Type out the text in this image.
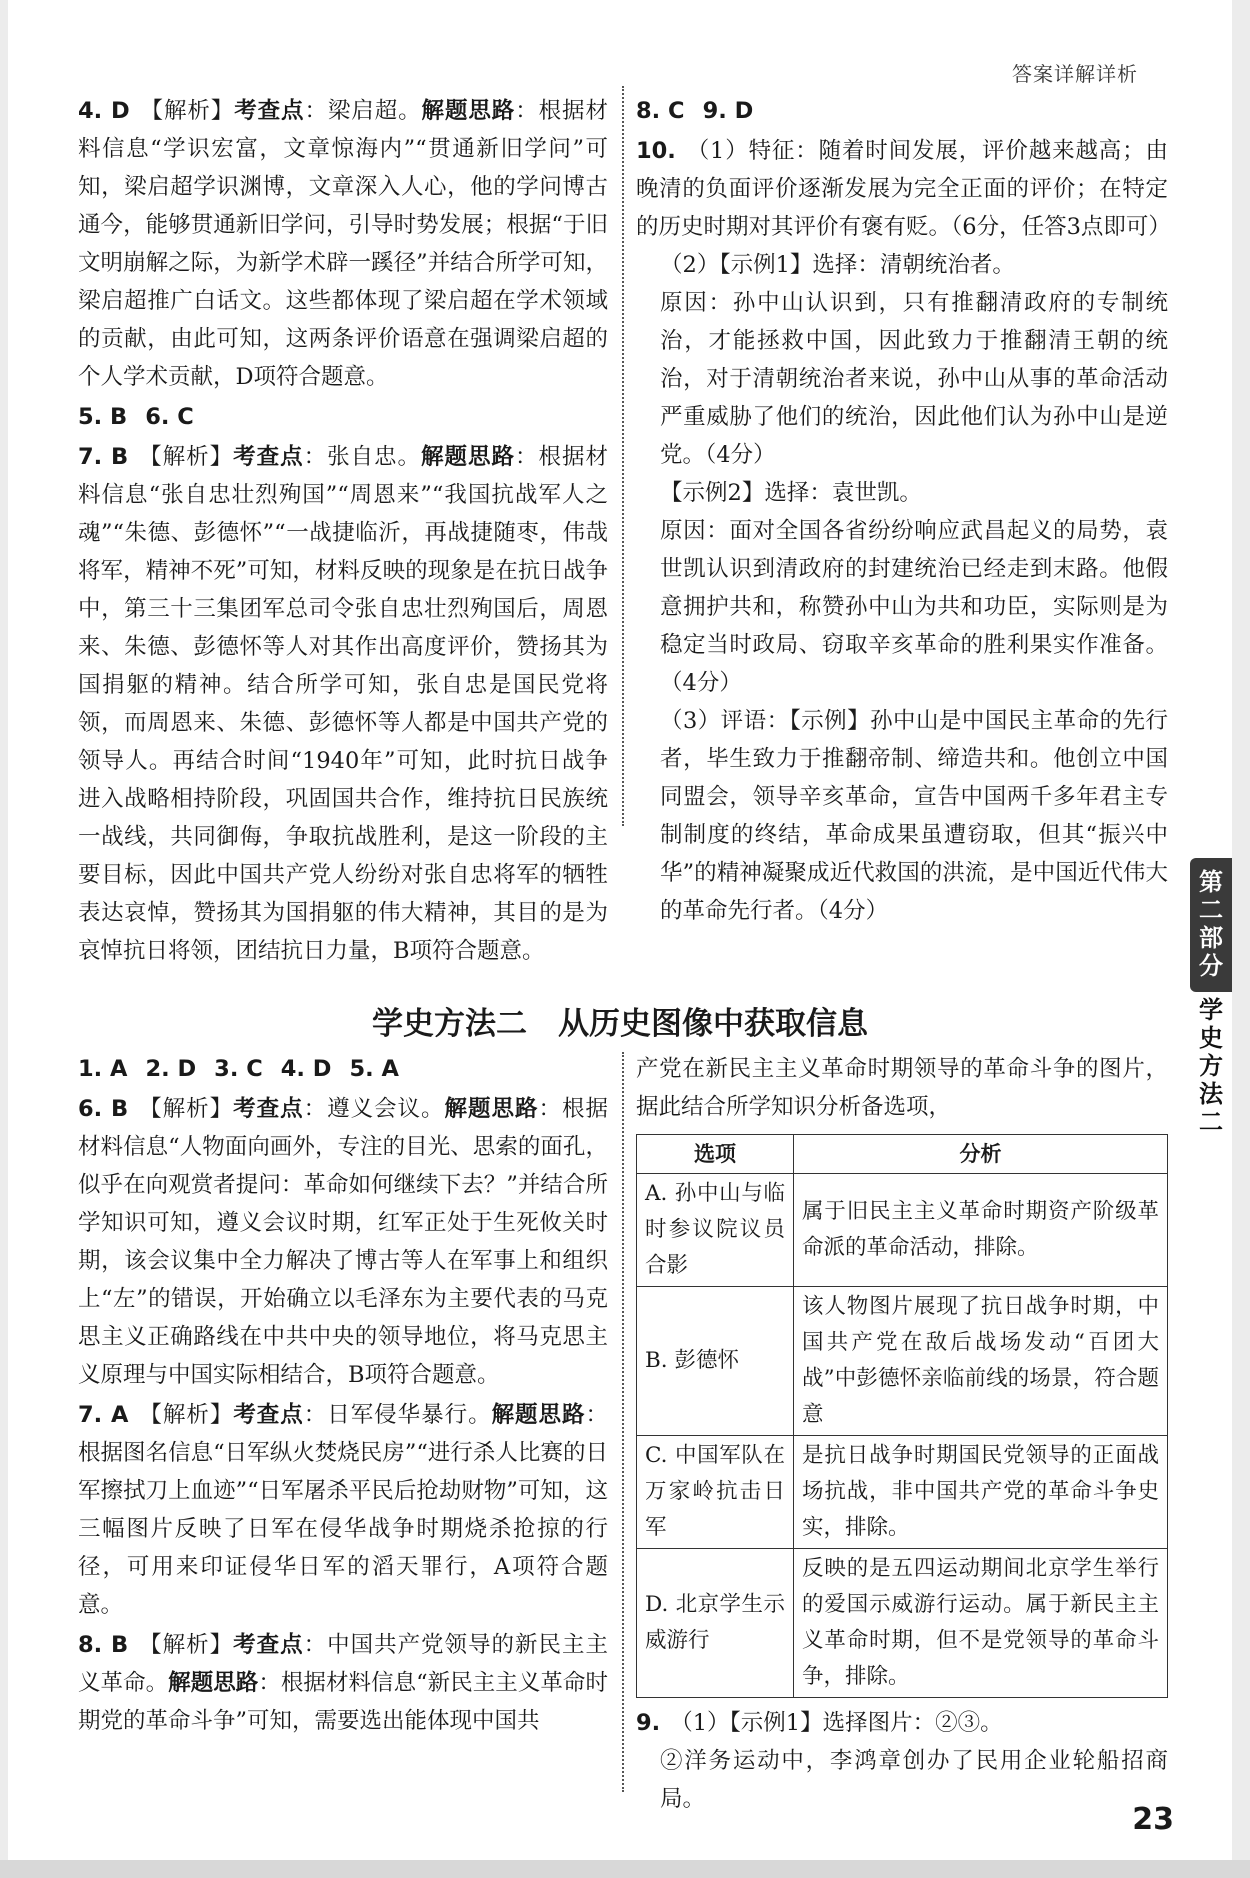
答案详解详析

4. D 【解析】考查点：梁启超。解题思路：根据材料信息“学识宏富，文章惊海内”“贯通新旧学问”可知，梁启超学识渊博，文章深入人心，他的学问博古通今，能够贯通新旧学问，引导时势发展；根据“于旧文明崩解之际，为新学术辟一蹊径”并结合所学可知，梁启超推广白话文。这些都体现了梁启超在学术领域的贡献，由此可知，这两条评价语意在强调梁启超的个人学术贡献，D项符合题意。

5. B 6. C

7. B 【解析】考查点：张自忠。解题思路：根据材料信息“张自忠壮烈殉国”“周恩来”“我国抗战军人之魂”“朱德、彭德怀”“一战捷临沂，再战捷随枣，伟哉将军，精神不死”可知，材料反映的现象是在抗日战争中，第三十三集团军总司令张自忠壮烈殉国后，周恩来、朱德、彭德怀等人对其作出高度评价，赞扬其为国捐躯的精神。结合所学可知，张自忠是国民党将领，而周恩来、朱德、彭德怀等人都是中国共产党的领导人。再结合时间“1940年”可知，此时抗日战争进入战略相持阶段，巩固国共合作，维持抗日民族统一战线，共同御侮，争取抗战胜利，是这一阶段的主要目标，因此中国共产党人纷纷对张自忠将军的牺牲表达哀悼，赞扬其为国捐躯的伟大精神，其目的是为哀悼抗日将领，团结抗日力量，B项符合题意。

8. C 9. D

10. （1）特征：随着时间发展，评价越来越高；由晚清的负面评价逐渐发展为完全正面的评价；在特定的历史时期对其评价有褒有贬。（6分，任答3点即可）

（2）【示例1】选择：清朝统治者。

原因：孙中山认识到，只有推翻清政府的专制统治，才能拯救中国，因此致力于推翻清王朝的统治，对于清朝统治者来说，孙中山从事的革命活动严重威胁了他们的统治，因此他们认为孙中山是逆党。（4分）

【示例2】选择：袁世凯。

原因：面对全国各省纷纷响应武昌起义的局势，袁世凯认识到清政府的封建统治已经走到末路。他假意拥护共和，称赞孙中山为共和功臣，实际则是为稳定当时政局、窃取辛亥革命的胜利果实作准备。（4分）

（3）评语：【示例】孙中山是中国民主革命的先行者，毕生致力于推翻帝制、缔造共和。他创立中国同盟会，领导辛亥革命，宣告中国两千多年君主专制制度的终结，革命成果虽遭窃取，但其“振兴中华”的精神凝聚成近代救国的洪流，是中国近代伟大的革命先行者。（4分）

学史方法二　从历史图像中获取信息

1. A 2. D 3. C 4. D 5. A

6. B 【解析】考查点：遵义会议。解题思路：根据材料信息“人物面向画外，专注的目光、思索的面孔，似乎在向观赏者提问：革命如何继续下去？”并结合所学知识可知，遵义会议时期，红军正处于生死攸关时期，该会议集中全力解决了博古等人在军事上和组织上“左”的错误，开始确立以毛泽东为主要代表的马克思主义正确路线在中共中央的领导地位，将马克思主义原理与中国实际相结合，B项符合题意。

7. A 【解析】考查点：日军侵华暴行。解题思路：根据图名信息“日军纵火焚烧民房”“进行杀人比赛的日军擦拭刀上血迹”“日军屠杀平民后抢劫财物”可知，这三幅图片反映了日军在侵华战争时期烧杀抢掠的行径，可用来印证侵华日军的滔天罪行，A项符合题意。

8. B 【解析】考查点：中国共产党领导的新民主主义革命。解题思路：根据材料信息“新民主主义革命时期党的革命斗争”可知，需要选出能体现中国共

产党在新民主主义革命时期领导的革命斗争的图片，据此结合所学知识分析备选项，

选项	分析
A. 孙中山与临时参议院议员合影	属于旧民主主义革命时期资产阶级革命派的革命活动，排除。
B. 彭德怀	该人物图片展现了抗日战争时期，中国共产党在敌后战场发动“百团大战”中彭德怀亲临前线的场景，符合题意
C. 中国军队在万家岭抗击日军	是抗日战争时期国民党领导的正面战场抗战，非中国共产党的革命斗争史实，排除。
D. 北京学生示威游行	反映的是五四运动期间北京学生举行的爱国示威游行运动。属于新民主主义革命时期，但不是党领导的革命斗争，排除。

9. （1）【示例1】选择图片：②③。

②洋务运动中，李鸿章创办了民用企业轮船招商局。

第
二
部
分
学
史
方
法
二
23
